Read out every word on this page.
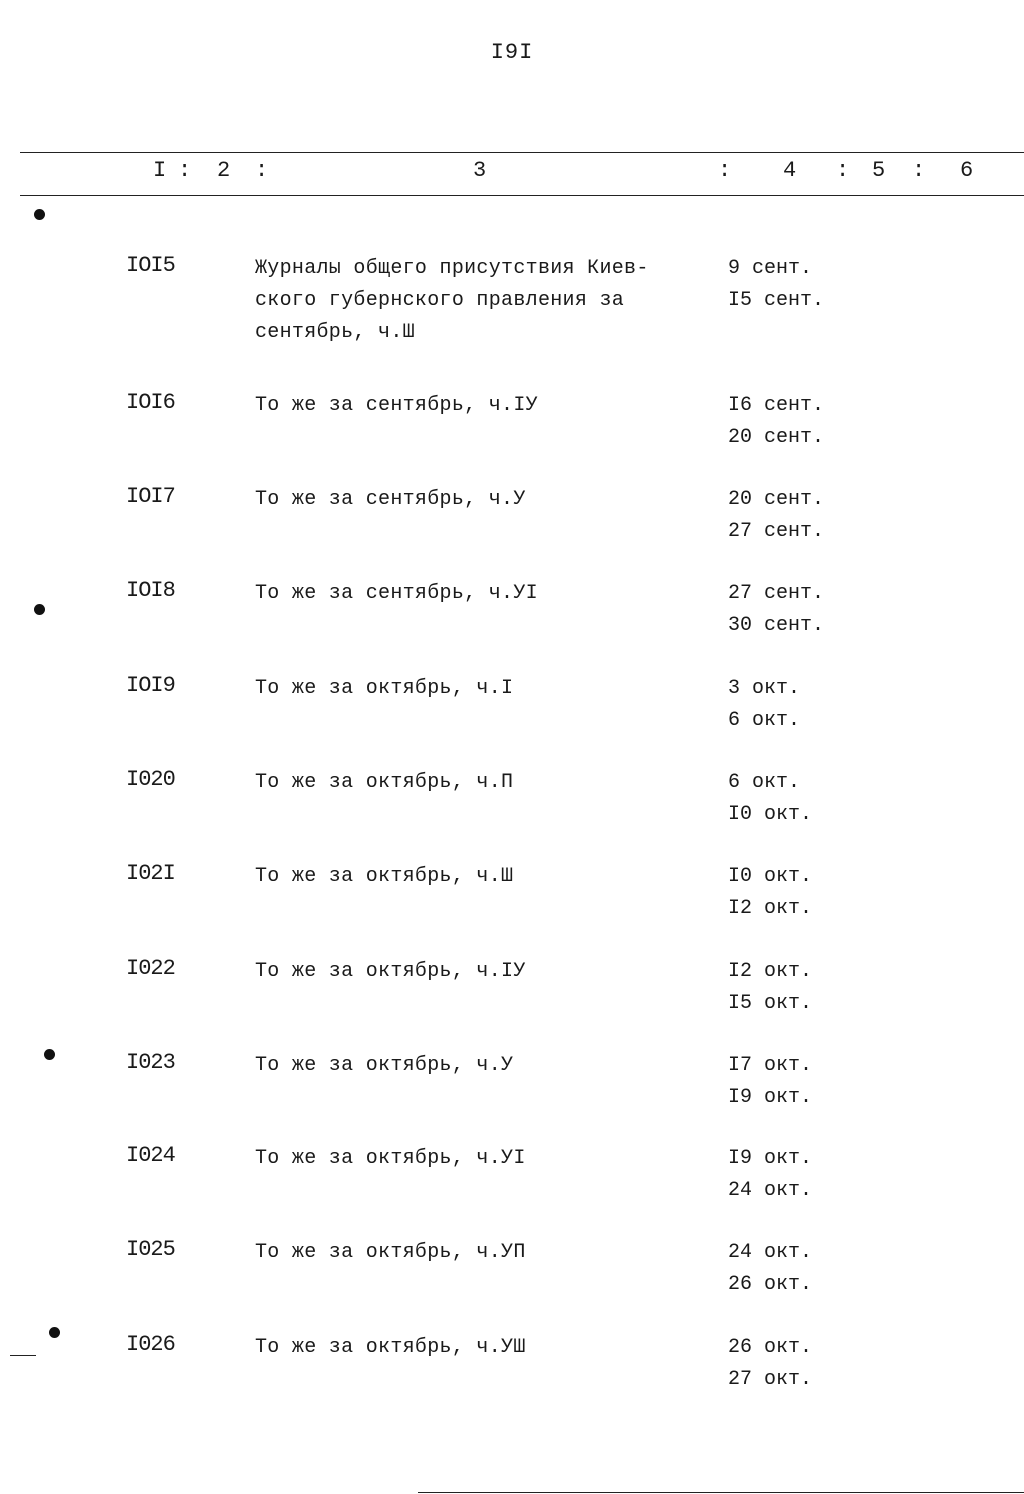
I9I
I : 2 :	3	: 4 : 5 : 6
IOI5	Журналы общего присутствия Киев-
ского губернского правления за
сентябрь, ч.Ш
9 сент.
I5 сент.
IOI6	То же за сентябрь, ч.ІУ	I6 сент.
20 сент.
IOI7	То же за сентябрь, ч.У	20 сент.
27 сент.
IOI8	То же за сентябрь, ч.УI	27 сент.
30 сент.
IOI9	То же за октябрь, ч.I	3 окт.
6 окт.
I020	То же за октябрь, ч.П	6 окт.
I0 окт.
I02I	То же за октябрь, ч.Ш	I0 окт.
I2 окт.
I022	То же за октябрь, ч.IУ	I2 окт.
I5 окт.
I023	То же за октябрь, ч.У	I7 окт.
I9 окт.
I024	То же за октябрь, ч.УI	I9 окт.
24 окт.
I025	То же за октябрь, ч.УП	24 окт.
26 окт.
I026	То же за октябрь, ч.УШ	26 окт.
27 окт.
